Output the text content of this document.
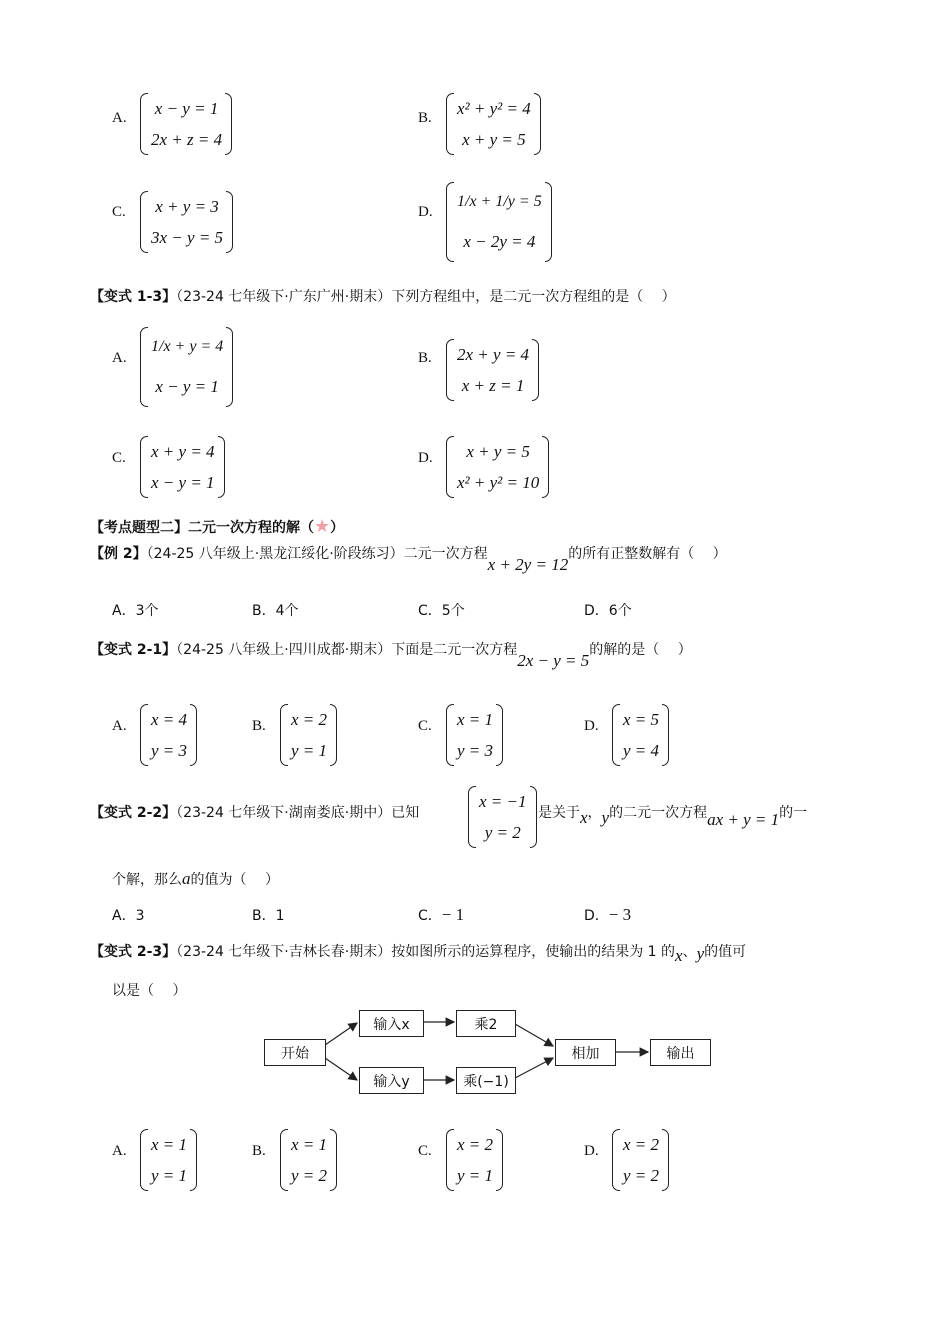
A.
x − y = 1
2x + z = 4
B.
x² + y² = 4
x + y = 5
C. x + y = 3
3x − y = 5
D.
1/x + 1/y = 5
x − 2y = 4
【变式 1-3】（23-24 七年级下·广东广州·期末）下列方程组中，是二元一次方程组的是（　 ）
A.
1/x + y = 4
x − y = 1
B. 2x + y = 4
x + z = 1
C. x + y = 4
x − y = 1
D.	x + y = 5
x² + y² = 10
【考点题型二】二元一次方程的解（★）
【例 2】（24-25 八年级上·黑龙江绥化·阶段练习）二元一次方程x + 2y = 12的所有正整数解有（　 ）
A．3个	B．4个	C．5个	D．6个
【变式 2-1】（24-25 八年级上·四川成都·期末）下面是二元一次方程2x − y = 5的解的是（　 ）
A. x = 4
y = 3
B. x = 2
y = 1
C. x = 1
y = 3
D. x = 5
y = 4
【变式 2-2】（23-24 七年级下·湖南娄底·期中）已知
x = −1
y = 2
是关于x，y的二元一次方程ax + y = 1的一
个解，那么a的值为（　 ）
A．3	B．1	C．− 1	D．− 3
【变式 2-3】（23-24 七年级下·吉林长春·期末）按如图所示的运算程序，使输出的结果为 1 的x、y的值可
以是（　 ）
开始
输入x
输入y
乘2
乘(−1)
相加	输出
A. x = 1
y = 1
B. x = 1
y = 2
C. x = 2
y = 1
D. x = 2
y = 2
